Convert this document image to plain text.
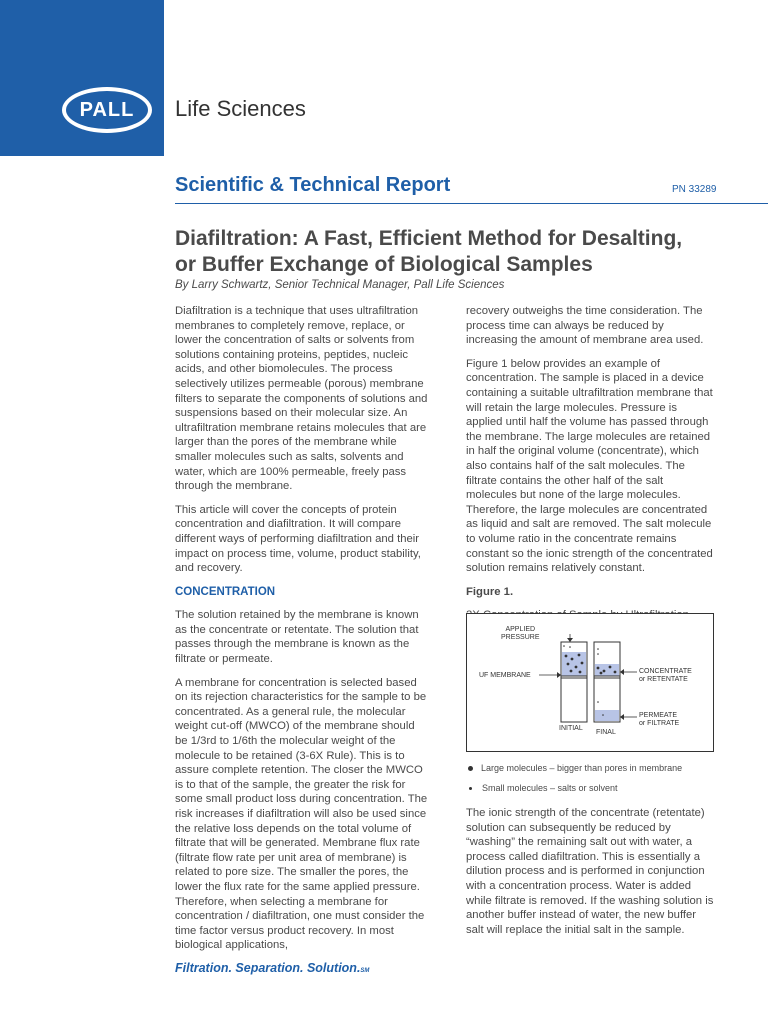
PALL Life Sciences
Scientific & Technical Report	PN 33289
Diafiltration: A Fast, Efficient Method for Desalting,
or Buffer Exchange of Biological Samples
By Larry Schwartz, Senior Technical Manager, Pall Life Sciences

Diafiltration is a technique that uses ultrafiltration membranes to completely remove, replace, or lower the concentration of salts or solvents from solutions containing proteins, peptides, nucleic acids, and other biomolecules. The process selectively utilizes permeable (porous) membrane filters to separate the components of solutions and suspensions based on their molecular size. An ultrafiltration membrane retains molecules that are larger than the pores of the membrane while smaller molecules such as salts, solvents and water, which are 100% permeable, freely pass through the membrane.

This article will cover the concepts of protein concentration and diafiltration. It will compare different ways of performing diafiltration and their impact on process time, volume, product stability, and recovery.

CONCENTRATION

The solution retained by the membrane is known as the concentrate or retentate. The solution that passes through the membrane is known as the filtrate or permeate.

A membrane for concentration is selected based on its rejection characteristics for the sample to be concentrated. As a general rule, the molecular weight cut-off (MWCO) of the membrane should be 1/3rd to 1/6th the molecular weight of the molecule to be retained (3-6X Rule). This is to assure complete retention. The closer the MWCO is to that of the sample, the greater the risk for some small product loss during concentration. The risk increases if diafiltration will also be used since the relative loss depends on the total volume of filtrate that will be generated. Membrane flux rate (filtrate flow rate per unit area of membrane) is related to pore size. The smaller the pores, the lower the flux rate for the same applied pressure. Therefore, when selecting a membrane for concentration / diafiltration, one must consider the time factor versus product recovery. In most biological applications,

recovery outweighs the time consideration. The process time can always be reduced by increasing the amount of membrane area used.

Figure 1 below provides an example of concentration. The sample is placed in a device containing a suitable ultrafiltration membrane that will retain the large molecules. Pressure is applied until half the volume has passed through the membrane. The large molecules are retained in half the original volume (concentrate), which also contains half of the salt molecules. The filtrate contains the other half of the salt molecules but none of the large molecules. Therefore, the large molecules are concentrated as liquid and salt are removed. The salt molecule to volume ratio in the concentrate remains constant so the ionic strength of the concentrated solution remains relatively constant.

Figure 1.

APPLIED
PRESSURE
UF MEMBRANE
CONCENTRATE
or RETENTATE
PERMEATE
or FILTRATE
INITIAL
FINAL
Large molecules – bigger than pores in membrane
Small molecules – salts or solvent

The ionic strength of the concentrate (retentate) solution can subsequently be reduced by “washing” the remaining salt out with water, a process called diafiltration. This is essentially a dilution process and is performed in conjunction with a concentration process. Water is added while filtrate is removed. If the washing solution is another buffer instead of water, the new buffer salt will replace the initial salt in the sample.

Filtration. Separation. Solution.SM
